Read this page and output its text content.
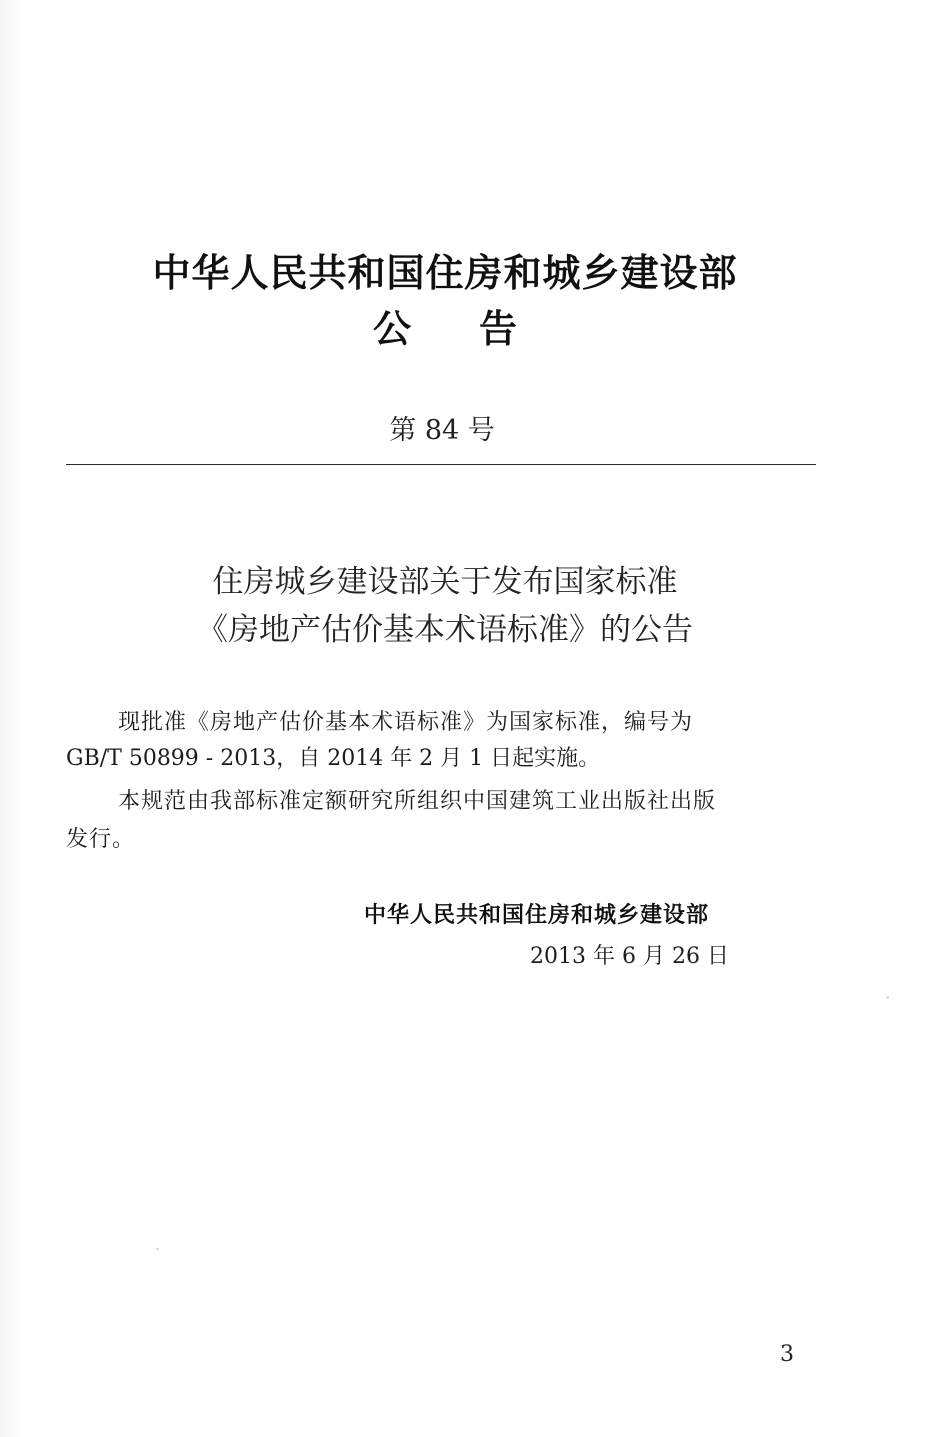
中华人民共和国住房和城乡建设部
公告
第 84 号
住房城乡建设部关于发布国家标准
《房地产估价基本术语标准》的公告
现批准《房地产估价基本术语标准》为国家标准，编号为
GB/T 50899 - 2013，自 2014 年 2 月 1 日起实施。
本规范由我部标准定额研究所组织中国建筑工业出版社出版
发行。
中华人民共和国住房和城乡建设部
2013 年 6 月 26 日
3
